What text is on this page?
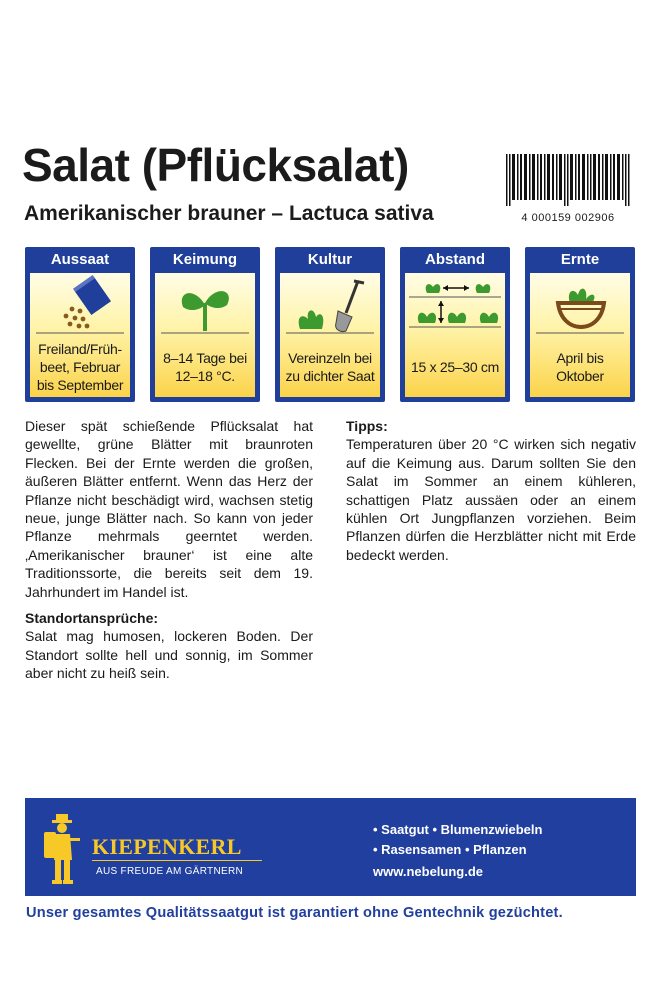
Salat (Pflücksalat)
Amerikanischer brauner – Lactuca sativa	4 000159 002906
Aussaat
Freiland/Früh-beet, Februar bis September
Keimung
8–14 Tage bei 12–18 °C.
Kultur
Vereinzeln bei zu dichter Saat
Abstand
15 x 25–30 cm
Ernte
April bis Oktober

Dieser spät schießende Pflücksalat hat gewellte, grüne Blätter mit braunroten Flecken. Bei der Ernte werden die großen, äußeren Blätter entfernt. Wenn das Herz der Pflanze nicht beschädigt wird, wachsen stetig neue, junge Blätter nach. So kann von jeder Pflanze mehrmals geerntet werden. ‚Amerikanischer brauner‘ ist eine alte Traditionssorte, die bereits seit dem 19. Jahrhundert im Handel ist.

Standortansprüche:

Salat mag humosen, lockeren Boden. Der Standort sollte hell und sonnig, im Sommer aber nicht zu heiß sein.

Tipps:

Temperaturen über 20 °C wirken sich negativ auf die Keimung aus. Darum sollten Sie den Salat im Sommer an einem kühleren, schattigen Platz aussäen oder an einem kühlen Ort Jungpflanzen vorziehen. Beim Pflanzen dürfen die Herzblätter nicht mit Erde bedeckt werden.

KIEPENKERL
AUS FREUDE AM GÄRTNERN
• Saatgut • Blumenzwiebeln
• Rasensamen • Pflanzen
www.nebelung.de
Unser gesamtes Qualitätssaatgut ist garantiert ohne Gentechnik gezüchtet.
